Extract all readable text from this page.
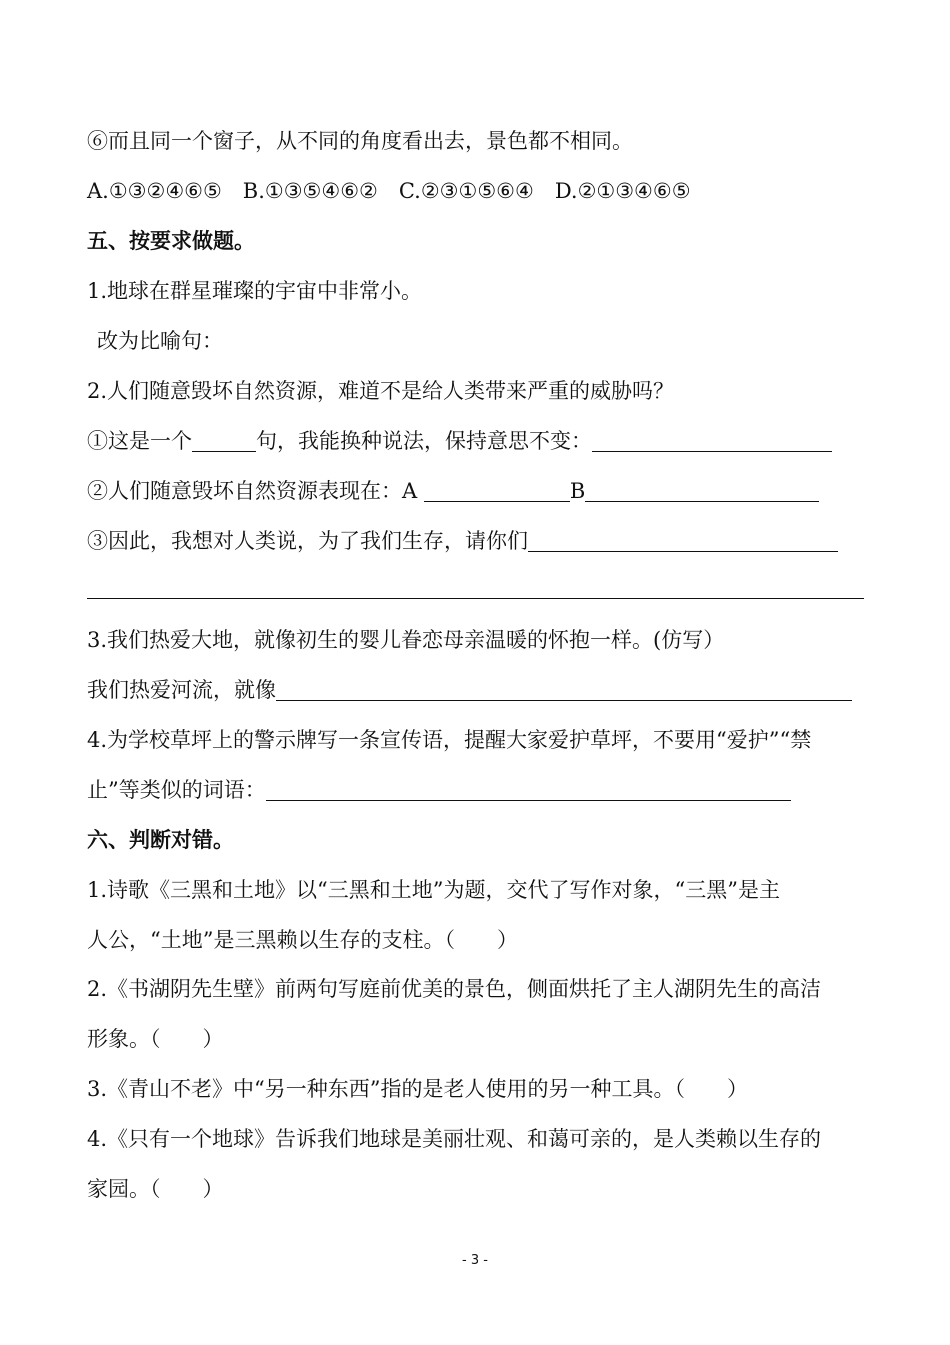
⑥而且同一个窗子，从不同的角度看出去，景色都不相同。
A.①③②④⑥⑤　B.①③⑤④⑥②　C.②③①⑤⑥④　D.②①③④⑥⑤
五、按要求做题。
1.地球在群星璀璨的宇宙中非常小。
改为比喻句：
2.人们随意毁坏自然资源，难道不是给人类带来严重的威胁吗？
①这是一个	句，我能换种说法，保持意思不变：
②人们随意毁坏自然资源表现在：A	B
③因此，我想对人类说，为了我们生存，请你们
3.我们热爱大地，就像初生的婴儿眷恋母亲温暖的怀抱一样。(仿写）
我们热爱河流，就像
4.为学校草坪上的警示牌写一条宣传语，提醒大家爱护草坪，不要用“爱护”“禁
止”等类似的词语：
六、判断对错。
1.诗歌《三黑和土地》以“三黑和土地”为题，交代了写作对象，“三黑”是主
人公，“土地”是三黑赖以生存的支柱。（　　）
2.《书湖阴先生壁》前两句写庭前优美的景色，侧面烘托了主人湖阴先生的高洁
形象。（　　）
3.《青山不老》中“另一种东西”指的是老人使用的另一种工具。（　　）
4.《只有一个地球》告诉我们地球是美丽壮观、和蔼可亲的，是人类赖以生存的
家园。（　　）
- 3 -
